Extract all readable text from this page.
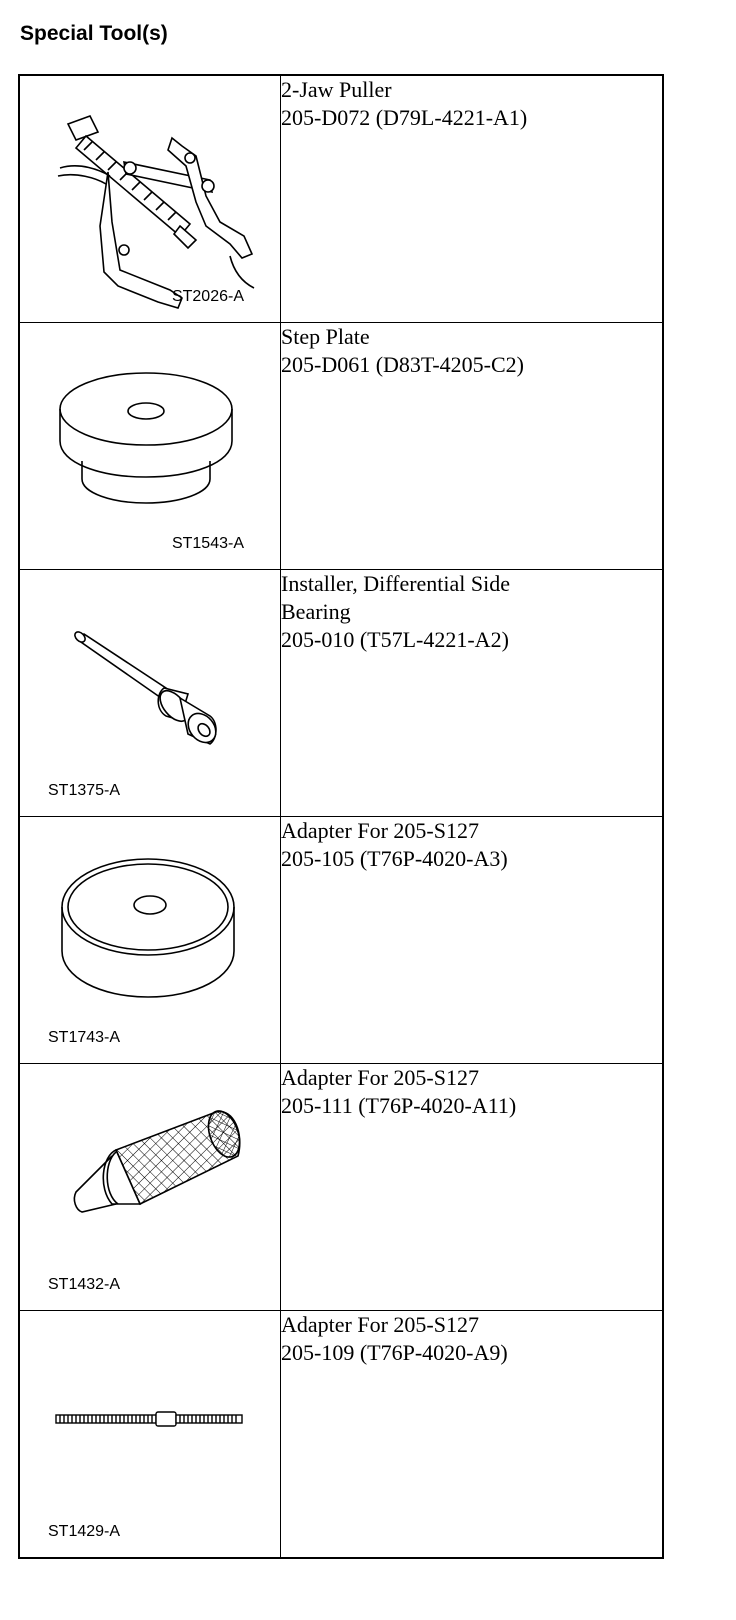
Special Tool(s)
ST2026-A	2-Jaw Puller
205-D072 (D79L-4221-A1)

ST1543-A	Step Plate
205-D061 (D83T-4205-C2)

ST1375-A	Installer, Differential Side
Bearing
205-010 (T57L-4221-A2)

ST1743-A	Adapter For 205-S127
205-105 (T76P-4020-A3)

ST1432-A	Adapter For 205-S127
205-111 (T76P-4020-A11)

ST1429-A	Adapter For 205-S127
205-109 (T76P-4020-A9)
